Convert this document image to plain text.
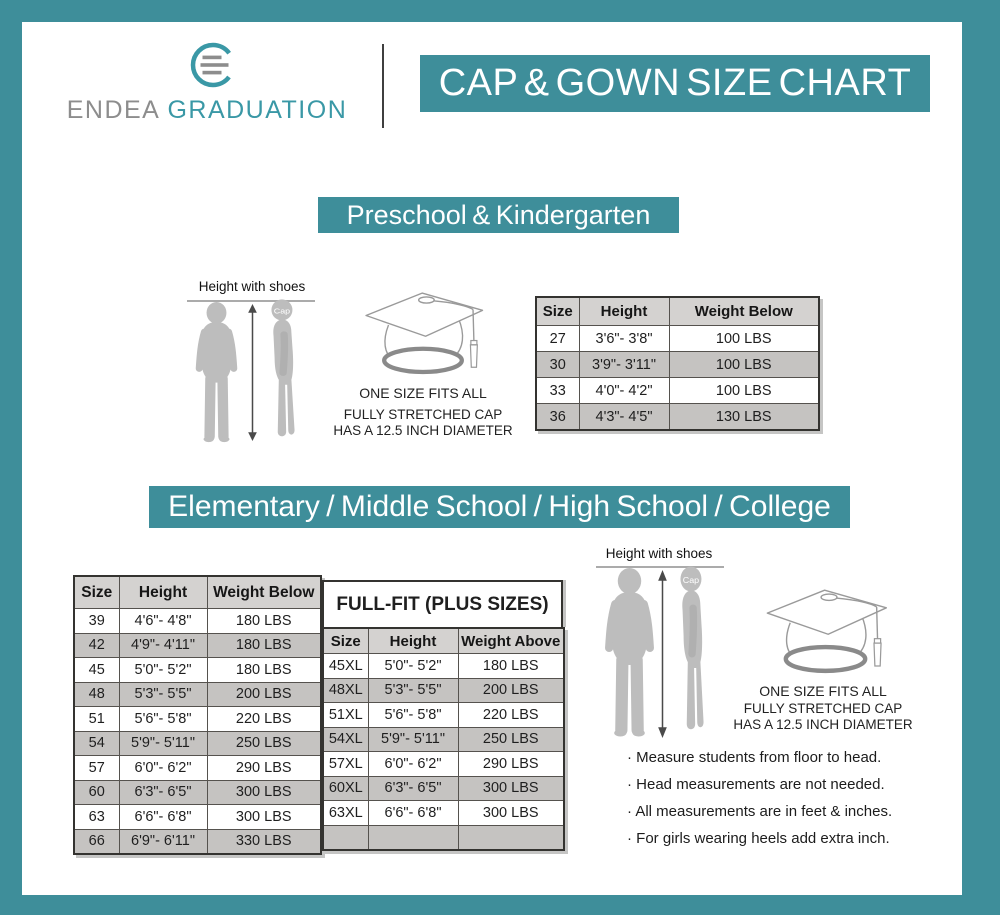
ENDEA GRADUATION
CAP & GOWN SIZE CHART
Preschool & Kindergarten
Height with shoes
Cap
ONE SIZE FITS ALL
FULLY STRETCHED CAP
HAS A 12.5 INCH DIAMETER
Size	Height	Weight Below
27	3'6"- 3'8"	100 LBS
30	3'9"- 3'11"	100 LBS
33	4'0"- 4'2"	100 LBS
36	4'3"- 4'5"	130 LBS
Elementary / Middle School / High School / College
Size	Height	Weight Below
39	4'6"- 4'8"	180 LBS
42	4'9"- 4'11"	180 LBS
45	5'0"- 5'2"	180 LBS
48	5'3"- 5'5"	200 LBS
51	5'6"- 5'8"	220 LBS
54	5'9"- 5'11"	250 LBS
57	6'0"- 6'2"	290 LBS
60	6'3"- 6'5"	300 LBS
63	6'6"- 6'8"	300 LBS
66	6'9"- 6'11"	330 LBS
FULL-FIT (PLUS SIZES)
Size	Height	Weight Above
45XL	5'0"- 5'2"	180 LBS
48XL	5'3"- 5'5"	200 LBS
51XL	5'6"- 5'8"	220 LBS
54XL	5'9"- 5'11"	250 LBS
57XL	6'0"- 6'2"	290 LBS
60XL	6'3"- 6'5"	300 LBS
63XL	6'6"- 6'8"	300 LBS

Height with shoes
Cap
ONE SIZE FITS ALL
FULLY STRETCHED CAP
HAS A 12.5 INCH DIAMETER
· Measure students from floor to head.
· Head measurements are not needed.
· All measurements are in feet & inches.
· For girls wearing heels add extra inch.
